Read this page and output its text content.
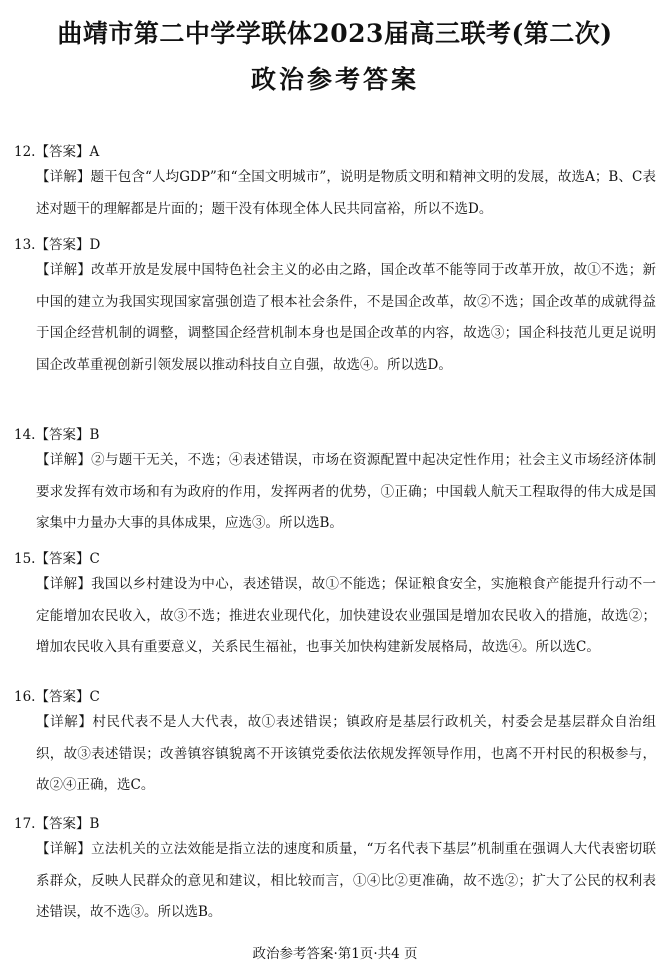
曲靖市第二中学学联体2023届高三联考(第二次)
政治参考答案
12.【答案】A
【详解】题干包含“人均GDP”和“全国文明城市”，说明是物质文明和精神文明的发展，故选A；B、C表述对题干的理解都是片面的；题干没有体现全体人民共同富裕，所以不选D。
13.【答案】D
【详解】改革开放是发展中国特色社会主义的必由之路，国企改革不能等同于改革开放，故①不选；新中国的建立为我国实现国家富强创造了根本社会条件，不是国企改革，故②不选；国企改革的成就得益于国企经营机制的调整，调整国企经营机制本身也是国企改革的内容，故选③；国企科技范儿更足说明国企改革重视创新引领发展以推动科技自立自强，故选④。所以选D。
14.【答案】B
【详解】②与题干无关，不选；④表述错误，市场在资源配置中起决定性作用；社会主义市场经济体制要求发挥有效市场和有为政府的作用，发挥两者的优势，①正确；中国载人航天工程取得的伟大成是国家集中力量办大事的具体成果，应选③。所以选B。
15.【答案】C
【详解】我国以乡村建设为中心，表述错误，故①不能选；保证粮食安全，实施粮食产能提升行动不一定能增加农民收入，故③不选；推进农业现代化，加快建设农业强国是增加农民收入的措施，故选②；增加农民收入具有重要意义，关系民生福祉，也事关加快构建新发展格局，故选④。所以选C。
16.【答案】C
【详解】村民代表不是人大代表，故①表述错误；镇政府是基层行政机关，村委会是基层群众自治组织，故③表述错误；改善镇容镇貌离不开该镇党委依法依规发挥领导作用，也离不开村民的积极参与，故②④正确，选C。
17.【答案】B
【详解】立法机关的立法效能是指立法的速度和质量，“万名代表下基层”机制重在强调人大代表密切联系群众，反映人民群众的意见和建议，相比较而言，①④比②更准确，故不选②；扩大了公民的权利表述错误，故不选③。所以选B。
政治参考答案·第1页·共4 页
